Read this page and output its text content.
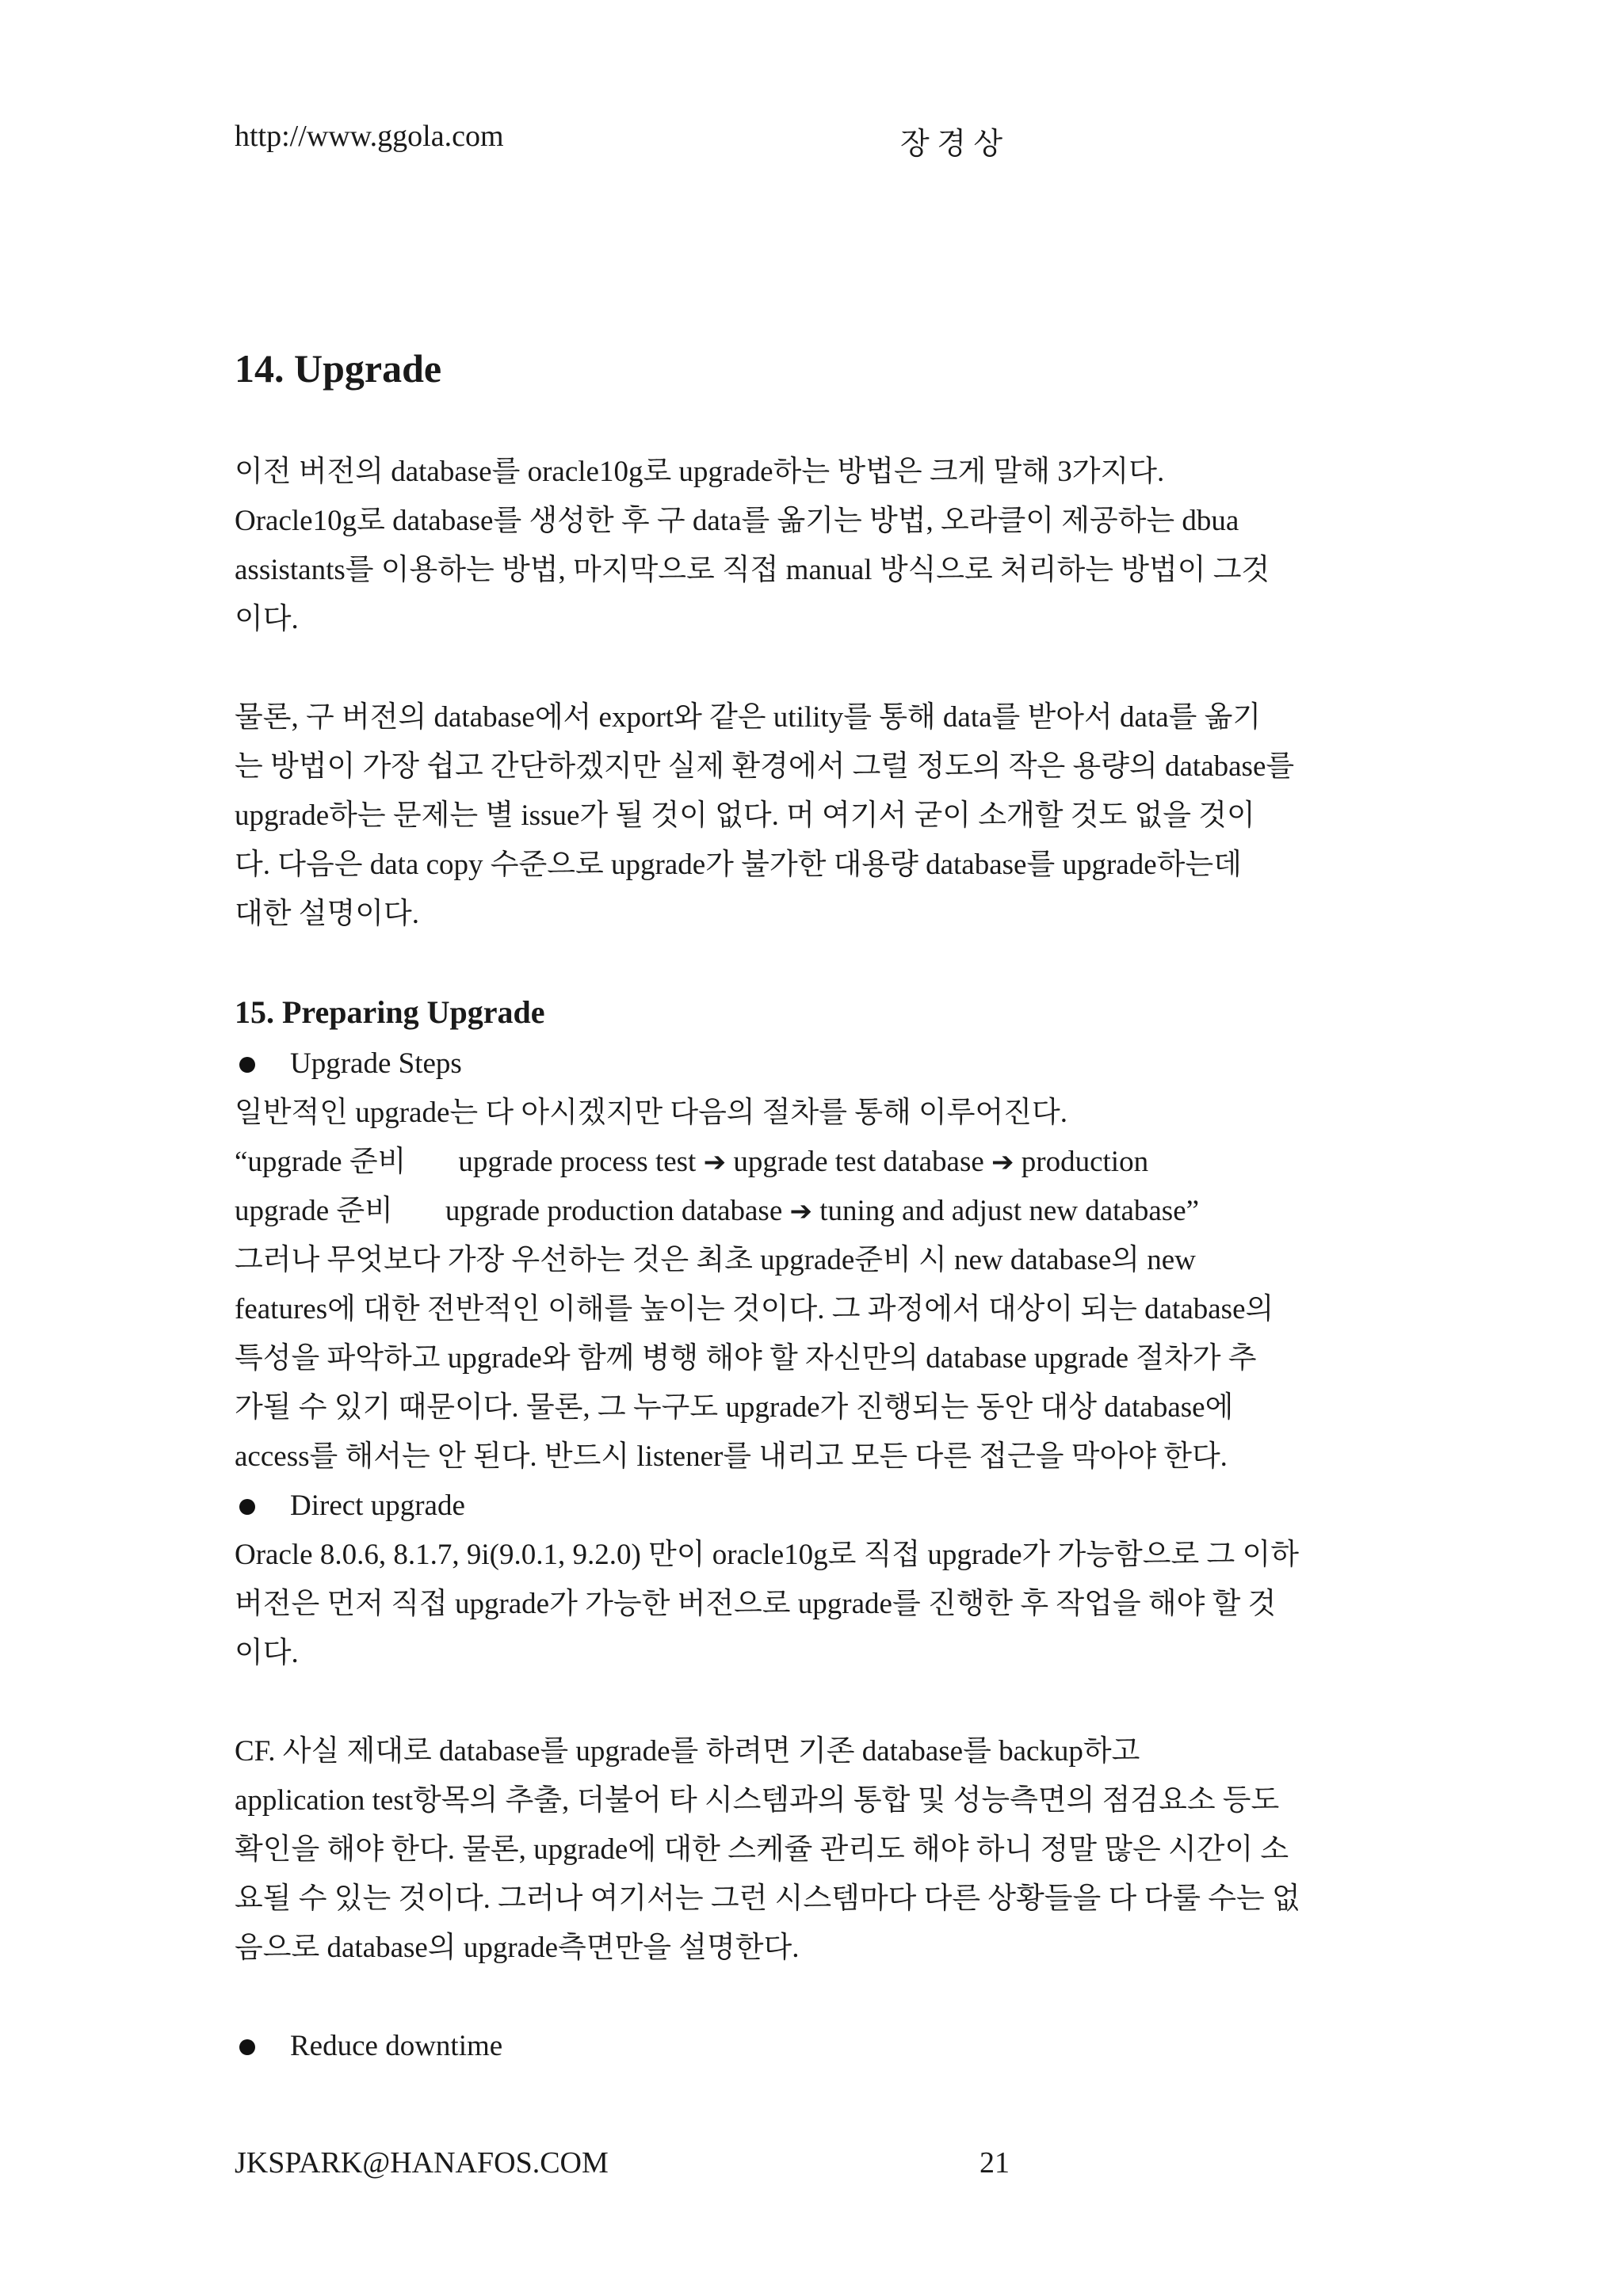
http://www.ggola.com	장 경 상
14. Upgrade
이전 버전의 database를 oracle10g로 upgrade하는 방법은 크게 말해 3가지다.
Oracle10g로 database를 생성한 후 구 data를 옮기는 방법, 오라클이 제공하는 dbua
assistants를 이용하는 방법, 마지막으로 직접 manual 방식으로 처리하는 방법이 그것
이다.
물론, 구 버전의 database에서 export와 같은 utility를 통해 data를 받아서 data를 옮기
는 방법이 가장 쉽고 간단하겠지만 실제 환경에서 그럴 정도의 작은 용량의 database를
upgrade하는 문제는 별 issue가 될 것이 없다. 머 여기서 굳이 소개할 것도 없을 것이
다. 다음은 data copy 수준으로 upgrade가 불가한 대용량 database를 upgrade하는데
대한 설명이다.
15. Preparing Upgrade
Upgrade Steps
일반적인 upgrade는 다 아시겠지만 다음의 절차를 통해 이루어진다.
“upgrade 준비 upgrade process test ➔ upgrade test database ➔ production
upgrade 준비 upgrade production database ➔ tuning and adjust new database”
그러나 무엇보다 가장 우선하는 것은 최초 upgrade준비 시 new database의 new
features에 대한 전반적인 이해를 높이는 것이다. 그 과정에서 대상이 되는 database의
특성을 파악하고 upgrade와 함께 병행 해야 할 자신만의 database upgrade 절차가 추
가될 수 있기 때문이다. 물론, 그 누구도 upgrade가 진행되는 동안 대상 database에
access를 해서는 안 된다. 반드시 listener를 내리고 모든 다른 접근을 막아야 한다.
Direct upgrade
Oracle 8.0.6, 8.1.7, 9i(9.0.1, 9.2.0) 만이 oracle10g로 직접 upgrade가 가능함으로 그 이하
버전은 먼저 직접 upgrade가 가능한 버전으로 upgrade를 진행한 후 작업을 해야 할 것
이다.
CF. 사실 제대로 database를 upgrade를 하려면 기존 database를 backup하고
application test항목의 추출, 더불어 타 시스템과의 통합 및 성능측면의 점검요소 등도
확인을 해야 한다. 물론, upgrade에 대한 스케쥴 관리도 해야 하니 정말 많은 시간이 소
요될 수 있는 것이다. 그러나 여기서는 그런 시스템마다 다른 상황들을 다 다룰 수는 없
음으로 database의 upgrade측면만을 설명한다.
Reduce downtime
JKSPARK@HANAFOS.COM	21
